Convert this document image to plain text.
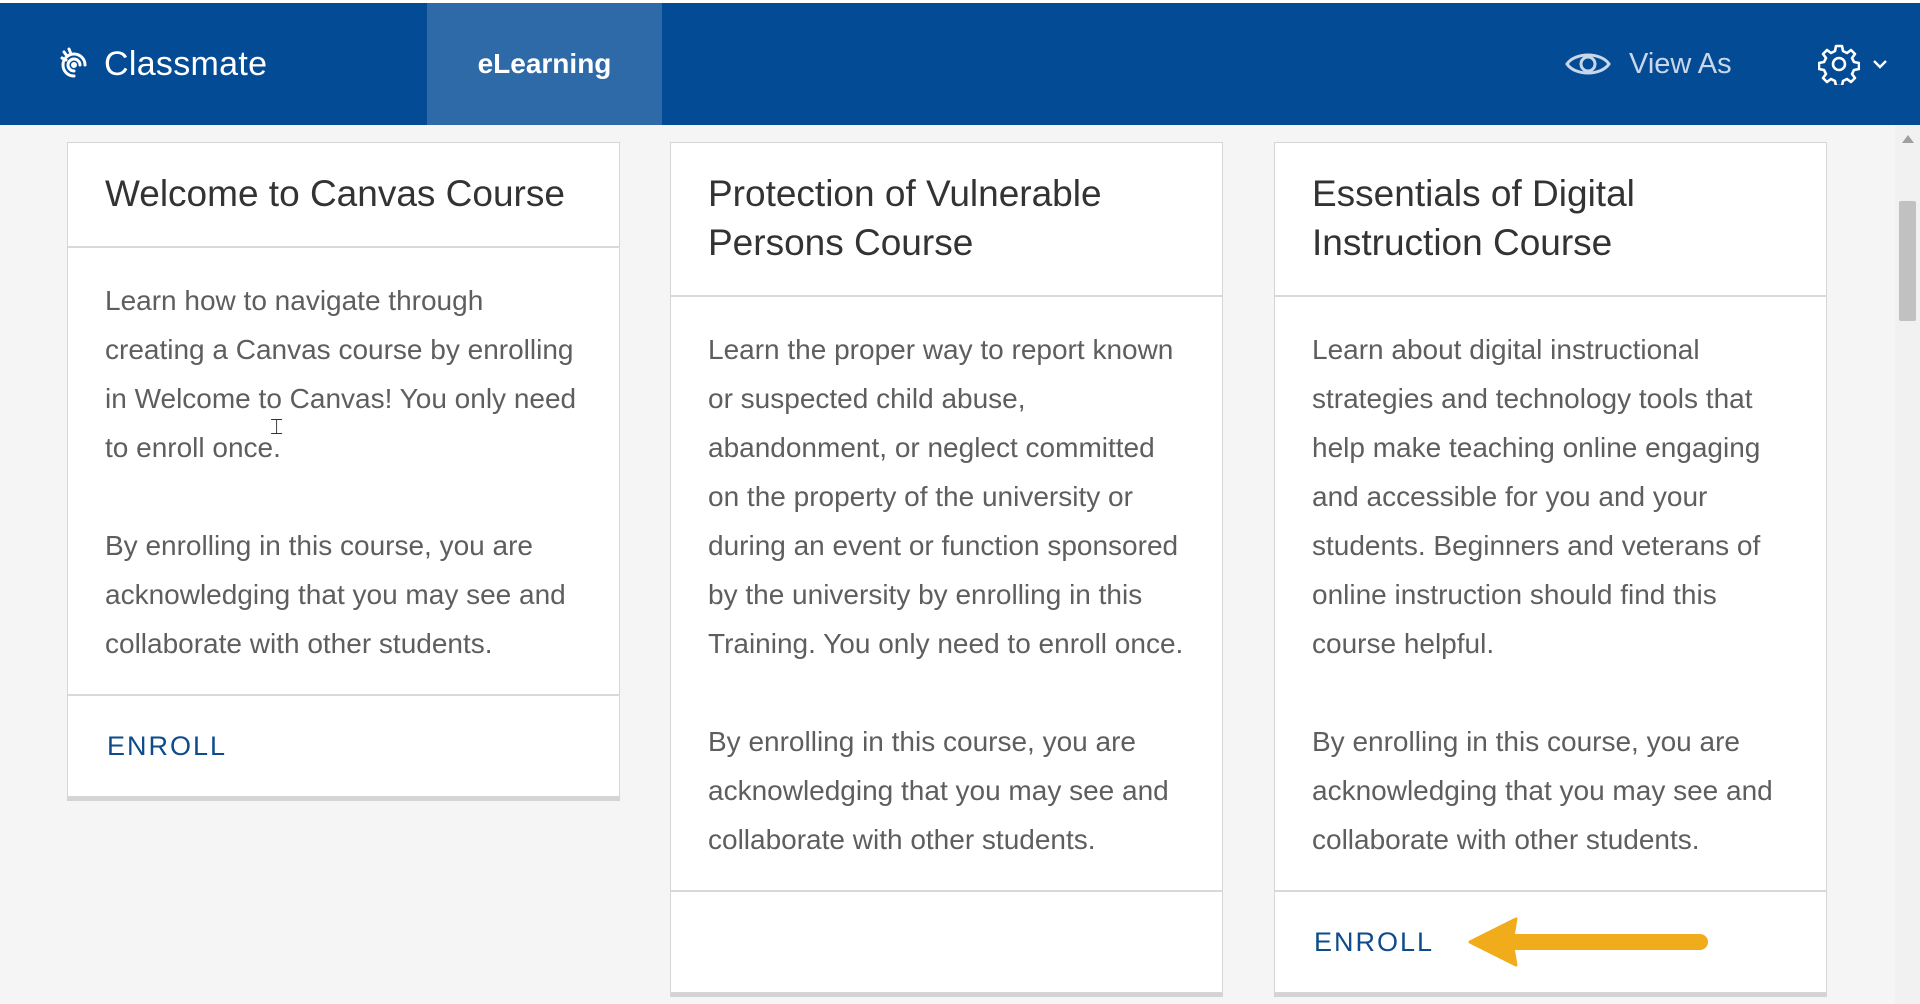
Classmate	eLearning	View As
Welcome to Canvas Course

Learn how to navigate through creating a Canvas course by enrolling in Welcome to Canvas! You only need to enroll once.

By enrolling in this course, you are acknowledging that you may see and collaborate with other students.

ENROLL
Protection of Vulnerable Persons Course

Learn the proper way to report known or suspected child abuse, abandonment, or neglect committed on the property of the university or during an event or function sponsored by the university by enrolling in this Training. You only need to enroll once.

By enrolling in this course, you are acknowledging that you may see and collaborate with other students.

Essentials of Digital Instruction Course

Learn about digital instructional strategies and technology tools that help make teaching online engaging and accessible for you and your students. Beginners and veterans of online instruction should find this course helpful.

By enrolling in this course, you are acknowledging that you may see and collaborate with other students.

ENROLL
⌶
